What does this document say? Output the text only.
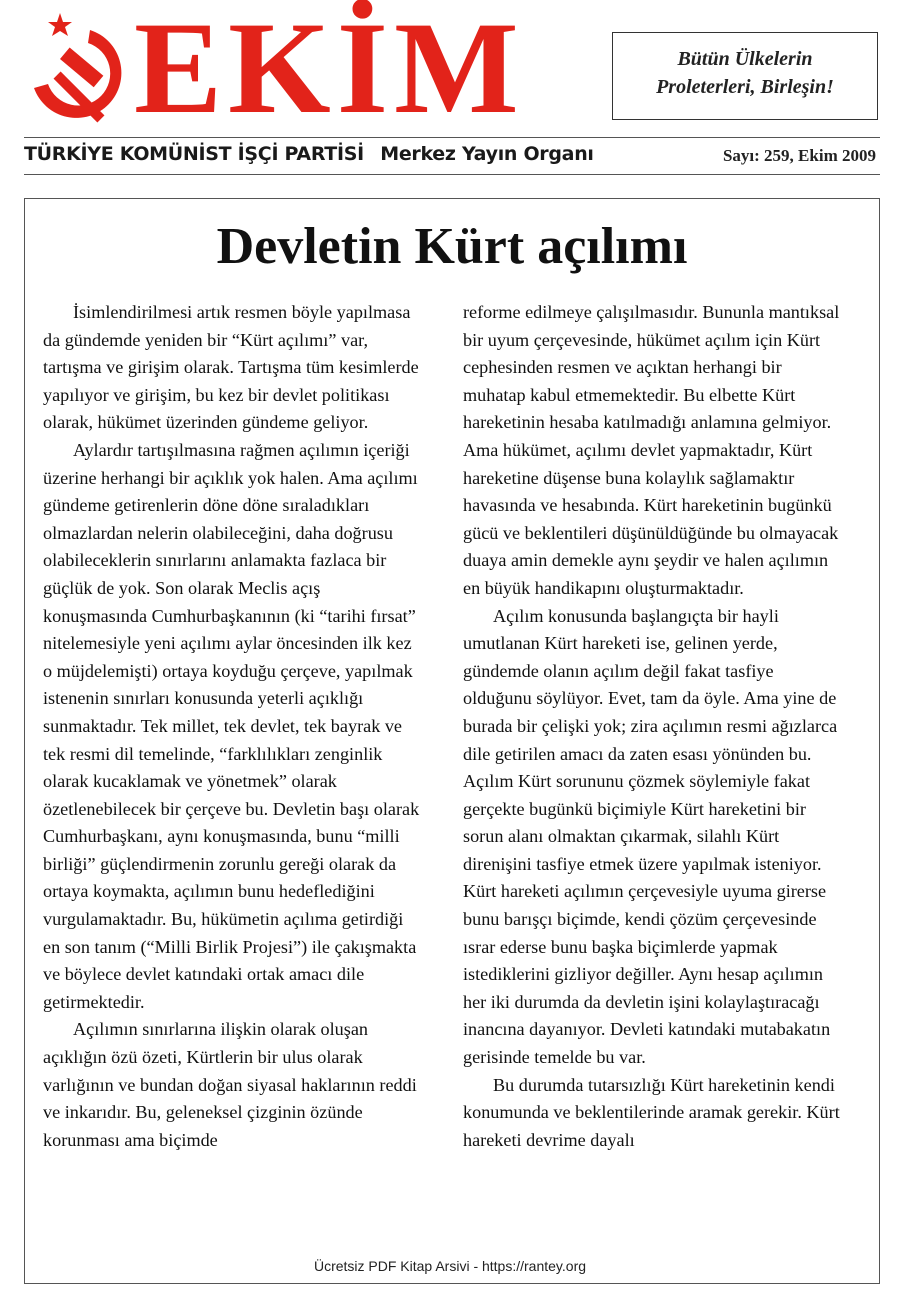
EKİM	Bütün Ülkelerin
Proleterleri, Birleşin!
TÜRKİYE KOMÜNİST İŞÇİ PARTİSİ Merkez Yayın Organı	Sayı: 259, Ekim 2009
Devletin Kürt açılımı

İsimlendirilmesi artık resmen böyle yapılmasa da gündemde yeniden bir “Kürt açılımı” var, tartışma ve girişim olarak. Tartışma tüm kesimlerde yapılıyor ve girişim, bu kez bir devlet politikası olarak, hükümet üzerinden gündeme geliyor.

Aylardır tartışılmasına rağmen açılımın içeriği üzerine herhangi bir açıklık yok halen. Ama açılımı gündeme getirenlerin döne döne sıraladıkları olmazlardan nelerin olabileceğini, daha doğrusu olabileceklerin sınırlarını anlamakta fazlaca bir güçlük de yok. Son olarak Meclis açış konuşmasında Cumhurbaşkanının (ki “tarihi fırsat” nitelemesiyle yeni açılımı aylar öncesinden ilk kez o müjdelemişti) ortaya koyduğu çerçeve, yapılmak istenenin sınırları konusunda yeterli açıklığı sunmaktadır. Tek millet, tek devlet, tek bayrak ve tek resmi dil temelinde, “farklılıkları zenginlik olarak kucaklamak ve yönetmek” olarak özetlenebilecek bir çerçeve bu. Devletin başı olarak Cumhurbaşkanı, aynı konuşmasında, bunu “milli birliği” güçlendirmenin zorunlu gereği olarak da ortaya koymakta, açılımın bunu hedeflediğini vurgulamaktadır. Bu, hükümetin açılıma getirdiği en son tanım (“Milli Birlik Projesi”) ile çakışmakta ve böylece devlet katındaki ortak amacı dile getirmektedir.

Açılımın sınırlarına ilişkin olarak oluşan açıklığın özü özeti, Kürtlerin bir ulus olarak varlığının ve bundan doğan siyasal haklarının reddi ve inkarıdır. Bu, geleneksel çizginin özünde korunması ama biçimde

reforme edilmeye çalışılmasıdır. Bununla mantıksal bir uyum çerçevesinde, hükümet açılım için Kürt cephesinden resmen ve açıktan herhangi bir muhatap kabul etmemektedir. Bu elbette Kürt hareketinin hesaba katılmadığı anlamına gelmiyor. Ama hükümet, açılımı devlet yapmaktadır, Kürt hareketine düşense buna kolaylık sağlamaktır havasında ve hesabında. Kürt hareketinin bugünkü gücü ve beklentileri düşünüldüğünde bu olmayacak duaya amin demekle aynı şeydir ve halen açılımın en büyük handikapını oluşturmaktadır.

Açılım konusunda başlangıçta bir hayli umutlanan Kürt hareketi ise, gelinen yerde, gündemde olanın açılım değil fakat tasfiye olduğunu söylüyor. Evet, tam da öyle. Ama yine de burada bir çelişki yok; zira açılımın resmi ağızlarca dile getirilen amacı da zaten esası yönünden bu. Açılım Kürt sorununu çözmek söylemiyle fakat gerçekte bugünkü biçimiyle Kürt hareketini bir sorun alanı olmaktan çıkarmak, silahlı Kürt direnişini tasfiye etmek üzere yapılmak isteniyor. Kürt hareketi açılımın çerçevesiyle uyuma girerse bunu barışçı biçimde, kendi çözüm çerçevesinde ısrar ederse bunu başka biçimlerde yapmak istediklerini gizliyor değiller. Aynı hesap açılımın her iki durumda da devletin işini kolaylaştıracağı inancına dayanıyor. Devleti katındaki mutabakatın gerisinde temelde bu var.

Bu durumda tutarsızlığı Kürt hareketinin kendi konumunda ve beklentilerinde aramak gerekir. Kürt hareketi devrime dayalı

Ücretsiz PDF Kitap Arsivi - https://rantey.org
